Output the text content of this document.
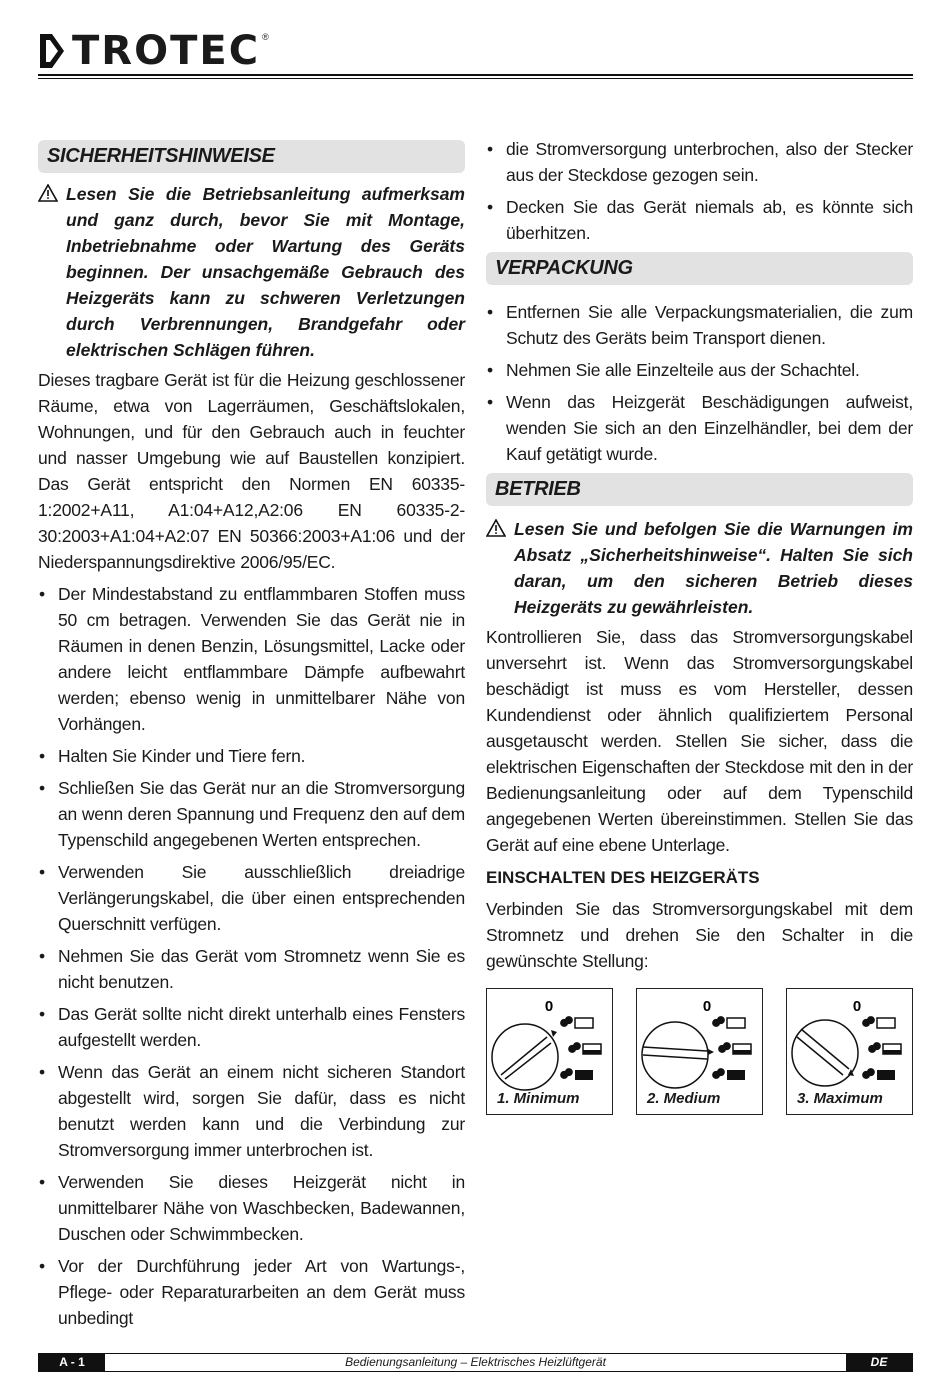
TROTEC ®
SICHERHEITSHINWEISE
Lesen Sie die Betriebsanleitung aufmerksam und ganz durch, bevor Sie mit Montage, Inbetriebnahme oder Wartung des Geräts beginnen. Der unsachgemäße Gebrauch des Heizgeräts kann zu schweren Verletzungen durch Verbrennungen, Brandgefahr oder elektrischen Schlägen führen.

Dieses tragbare Gerät ist für die Heizung geschlossener Räume, etwa von Lagerräumen, Geschäftslokalen, Wohnungen, und für den Gebrauch auch in feuchter und nasser Umgebung wie auf Baustellen konzipiert. Das Gerät entspricht den Normen EN 60335-1:2002+A11, A1:04+A12,A2:06 EN 60335-2-30:2003+A1:04+A2:07 EN 50366:2003+A1:06 und der Niederspannungsdirektive 2006/95/EC.

• Der Mindestabstand zu entflammbaren Stoffen muss 50 cm betragen. Verwenden Sie das Gerät nie in Räumen in denen Benzin, Lösungsmittel, Lacke oder andere leicht entflammbare Dämpfe aufbewahrt werden; ebenso wenig in unmittelbarer Nähe von Vorhängen.
• Halten Sie Kinder und Tiere fern.
• Schließen Sie das Gerät nur an die Stromversorgung an wenn deren Spannung und Frequenz den auf dem Typenschild angegebenen Werten entsprechen.
• Verwenden Sie ausschließlich dreiadrige Verlängerungskabel, die über einen entsprechenden Querschnitt verfügen.
• Nehmen Sie das Gerät vom Stromnetz wenn Sie es nicht benutzen.
• Das Gerät sollte nicht direkt unterhalb eines Fensters aufgestellt werden.
• Wenn das Gerät an einem nicht sicheren Standort abgestellt wird, sorgen Sie dafür, dass es nicht benutzt werden kann und die Verbindung zur Stromversorgung immer unterbrochen ist.
• Verwenden Sie dieses Heizgerät nicht in unmittelbarer Nähe von Waschbecken, Badewannen, Duschen oder Schwimmbecken.
• Vor der Durchführung jeder Art von Wartungs-, Pflege- oder Reparaturarbeiten an dem Gerät muss unbedingt
• die Stromversorgung unterbrochen, also der Stecker aus der Steckdose gezogen sein.
• Decken Sie das Gerät niemals ab, es könnte sich überhitzen.
VERPACKUNG
• Entfernen Sie alle Verpackungsmaterialien, die zum Schutz des Geräts beim Transport dienen.
• Nehmen Sie alle Einzelteile aus der Schachtel.
• Wenn das Heizgerät Beschädigungen aufweist, wenden Sie sich an den Einzelhändler, bei dem der Kauf getätigt wurde.
BETRIEB
Lesen Sie und befolgen Sie die Warnungen im Absatz „Sicherheitshinweise“. Halten Sie sich daran, um den sicheren Betrieb dieses Heizgeräts zu gewährleisten.

Kontrollieren Sie, dass das Stromversorgungskabel unversehrt ist. Wenn das Stromversorgungskabel beschädigt ist muss es vom Hersteller, dessen Kundendienst oder ähnlich qualifiziertem Personal ausgetauscht werden. Stellen Sie sicher, dass die elektrischen Eigenschaften der Steckdose mit den in der Bedienungsanleitung oder auf dem Typenschild angegebenen Werten übereinstimmen. Stellen Sie das Gerät auf eine ebene Unterlage.

EINSCHALTEN DES HEIZGERÄTS

Verbinden Sie das Stromversorgungskabel mit dem Stromnetz und drehen Sie den Schalter in die gewünschte Stellung:

0
1. Minimum
0
2. Medium
0
3. Maximum
A - 1	Bedienungsanleitung – Elektrisches Heizlüftgerät	DE
